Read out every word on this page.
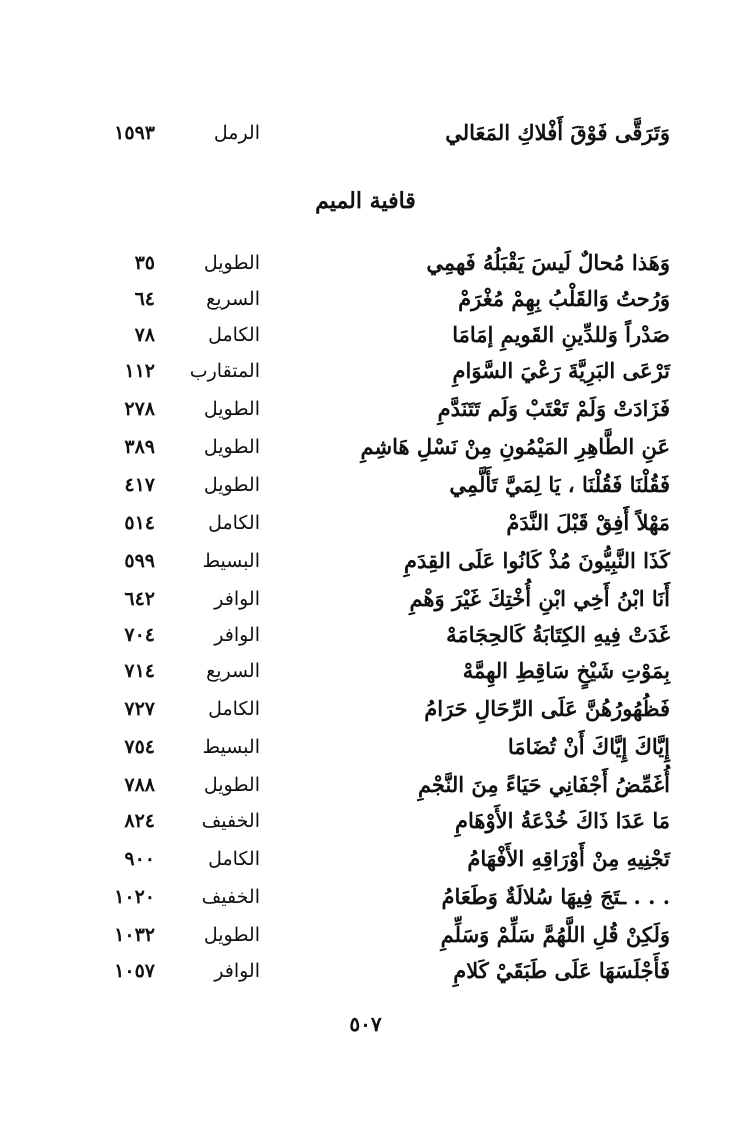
وَتَرَقَّى فَوْقَ أَفْلاكِ المَعَالي
الرمل
١٥٩٣
قافية الميم
وَهَذا مُحالٌ لَيسَ يَقْبَلُهُ فَهمِي
الطويل
٣٥
وَرُحتُ وَالقَلْبُ بِهِمْ مُغْرَمْ
السريع
٦٤
صَدْراً وَللدِّينِ القَويمِ إمَامَا
الكامل
٧٨
تَرْعَى البَرِيَّةَ رَعْيَ السَّوَامِ
المتقارب
١١٢
فَزَادَتْ وَلَمْ تَعْتَبْ وَلَم تَتَنَدَّمِ
الطويل
٢٧٨
عَنِ الطَّاهِرِ المَيْمُونِ مِنْ نَسْلِ هَاشِمِ
الطويل
٣٨٩
فَقُلْنَا فَقُلْنَا ، يَا لِمَيَّ تَأَلَّمِي
الطويل
٤١٧
مَهْلاً أَفِقْ قَبْلَ النَّدَمْ
الكامل
٥١٤
كَذَا النَّبِيُّونَ مُذْ كَانُوا عَلَى القِدَمِ
البسيط
٥٩٩
أَنَا ابْنُ أَخِي ابْنِ أُخْتِكَ غَيْرَ وَهْمِ
الوافر
٦٤٢
غَدَتْ فِيهِ الكِتَابَةُ كَالحِجَامَهْ
الوافر
٧٠٤
بِمَوْتِ شَيْخٍ سَاقِطِ الهِمَّهْ
السريع
٧١٤
فَظُهُورُهُنَّ عَلَى الرِّحَالِ حَرَامُ
الكامل
٧٢٧
إِيَّاكَ إِيَّاكَ أَنْ تُضَامَا
البسيط
٧٥٤
أُغَمِّضُ أَجْفَانِي حَيَاءً مِنَ النَّجْمِ
الطويل
٧٨٨
مَا عَدَا ذَاكَ خُدْعَةُ الأَوْهَامِ
الخفيف
٨٢٤
تَجْنِيهِ مِنْ أَوْرَاقِهِ الأَفْهَامُ
الكامل
٩٠٠
. . . ـتَجَ فِيهَا سُلالَةٌ وَطَعَامُ
الخفيف
١٠٢٠
وَلَكِنْ قُلِ اللَّهُمَّ سَلِّمْ وَسَلِّمِ
الطويل
١٠٣٢
فَأَجْلَسَهَا عَلَى طَبَقَيْ كَلامِ
الوافر
١٠٥٧
٥٠٧
